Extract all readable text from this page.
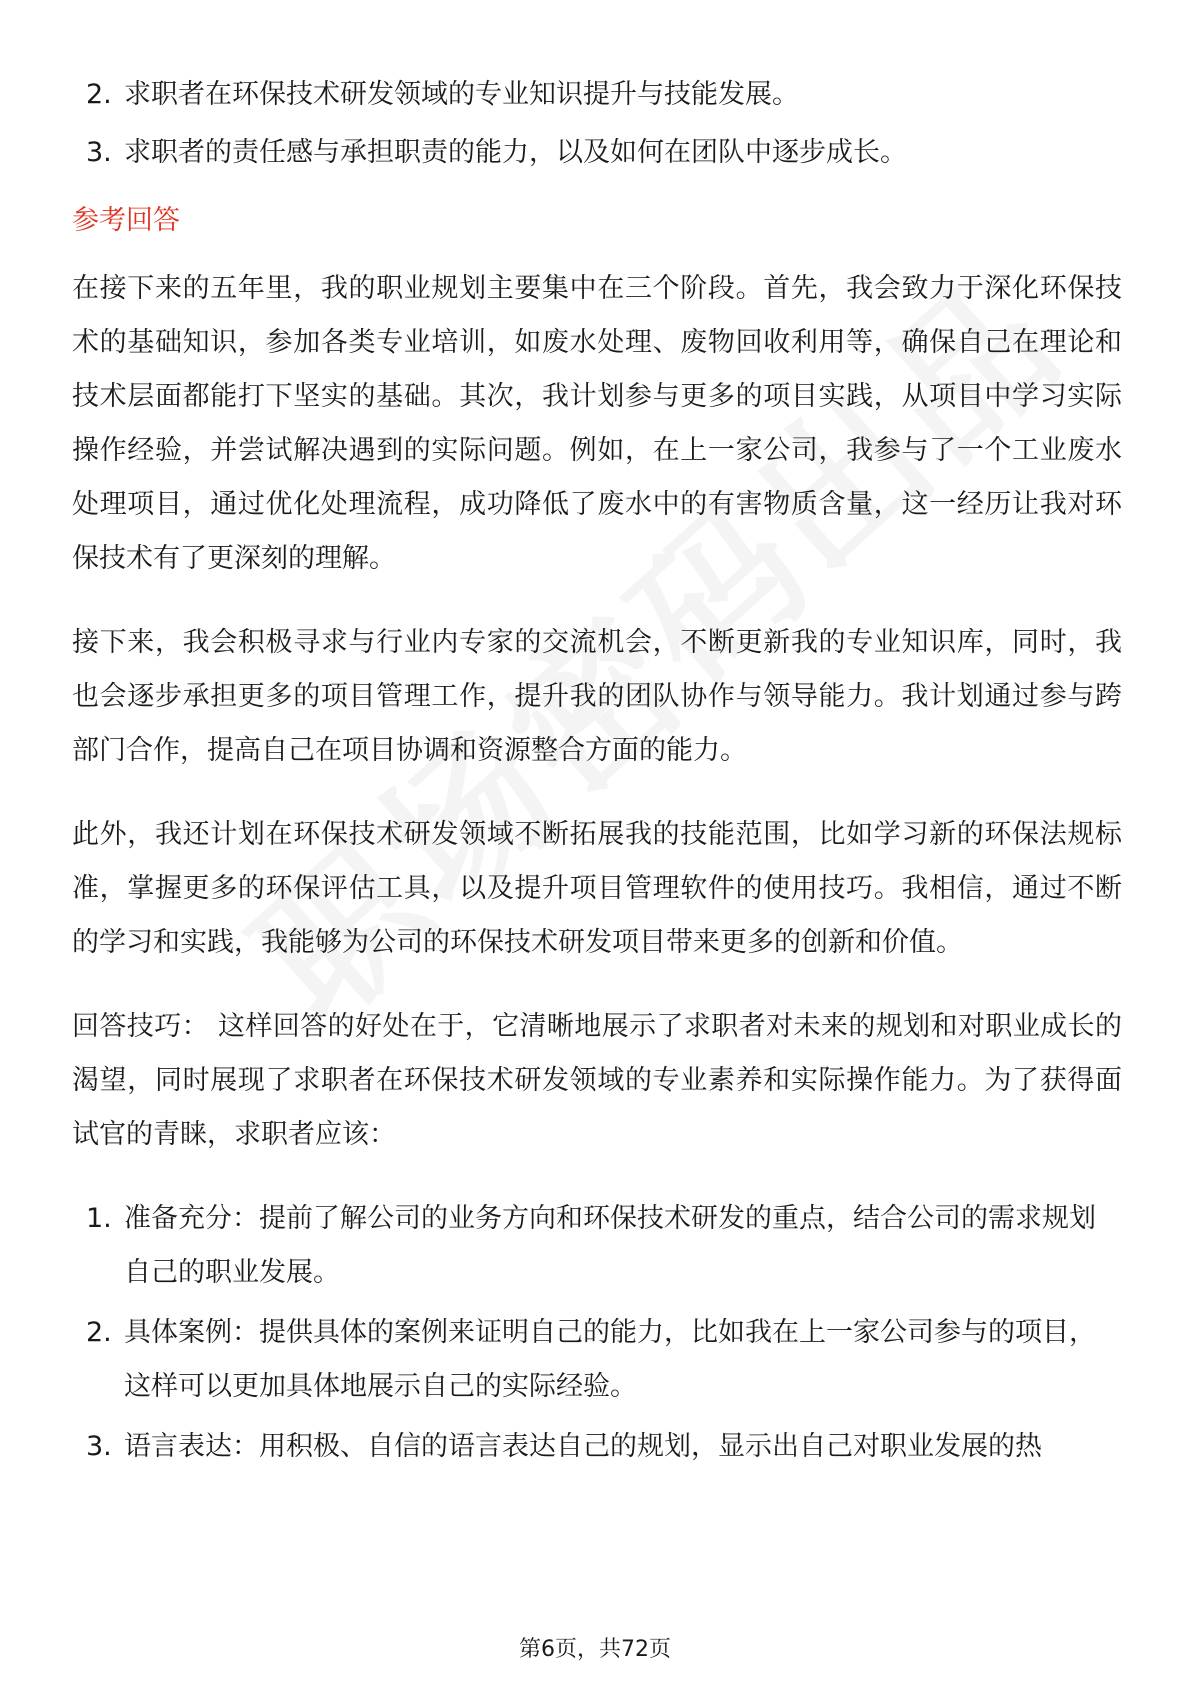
2. 求职者在环保技术研发领域的专业知识提升与技能发展。
3. 求职者的责任感与承担职责的能力，以及如何在团队中逐步成长。
参考回答

在接下来的五年里，我的职业规划主要集中在三个阶段。首先，我会致力于深化环保技术的基础知识，参加各类专业培训，如废水处理、废物回收利用等，确保自己在理论和技术层面都能打下坚实的基础。其次，我计划参与更多的项目实践，从项目中学习实际操作经验，并尝试解决遇到的实际问题。例如，在上一家公司，我参与了一个工业废水处理项目，通过优化处理流程，成功降低了废水中的有害物质含量，这一经历让我对环保技术有了更深刻的理解。

接下来，我会积极寻求与行业内专家的交流机会，不断更新我的专业知识库，同时，我也会逐步承担更多的项目管理工作，提升我的团队协作与领导能力。我计划通过参与跨部门合作，提高自己在项目协调和资源整合方面的能力。

此外，我还计划在环保技术研发领域不断拓展我的技能范围，比如学习新的环保法规标准，掌握更多的环保评估工具，以及提升项目管理软件的使用技巧。我相信，通过不断的学习和实践，我能够为公司的环保技术研发项目带来更多的创新和价值。

回答技巧： 这样回答的好处在于，它清晰地展示了求职者对未来的规划和对职业成长的渴望，同时展现了求职者在环保技术研发领域的专业素养和实际操作能力。为了获得面试官的青睐，求职者应该：

1. 准备充分：提前了解公司的业务方向和环保技术研发的重点，结合公司的需求规划自己的职业发展。
2. 具体案例：提供具体的案例来证明自己的能力，比如我在上一家公司参与的项目，这样可以更加具体地展示自己的实际经验。
3. 语言表达：用积极、自信的语言表达自己的规划，显示出自己对职业发展的热
第6页，共72页
